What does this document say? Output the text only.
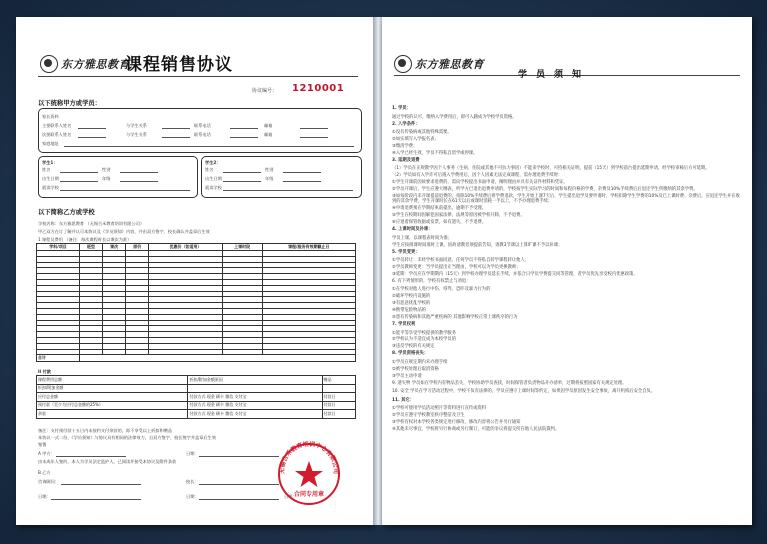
东方雅思教育
课程销售协议
协议编号： 1210001
以下统称甲方或学员：
以下简称乙方或学校
学校名称：东方雅思教育 （无锡合禾教育培训有限公司）
甲乙双方在订了解并认可本协议及《学员须知》内容，并由双方签字、校长确认并盖章后生效
1 课程及费用 （备注：每次课程时长以课次为准）
学科/项目	班型	课次	原价	优惠价（如适用）	上课时段	课程/服务有效期截止日

合计						
II 付款
课程费用总额	折扣/附加金额原因	赠品
折扣/附加金额		
应付总金额	付款方式 现金 刷卡 微信 支付宝	付款日
预付款（至少为应付总金额的25%）	付款方式 现金 刷卡 微信 支付宝	付款日
余款	付款方式 现金 刷卡 微信 支付宝	付款日
备注：支付预付款十五日内未按约支付余款的，即不享受以上折扣和赠品
本协议一式二份，《学员须知》与协议具有相同的法律效力，自双方签字、校长签字并盖章后生效
签署
A 甲方：	日期：
由未成年人签约，本人为学员法定监护人，已阅读并接受本协议及附件条款
B 乙方
咨询顾问：	校长：
日期：	日期：	日期：
无锡合禾教育培训中心有限公司
合同专用章
家长资料
主要联系人姓名	与学生关系	联系电话	邮箱
次要联系人姓名	与学生关系	联系电话	邮箱
家庭地址
学生1：
姓名	性别
出生日期	年级
就读学校
学生2：
姓名	性别
出生日期	年级
就读学校
东方雅思教育
学员须知
1. 学员：
通过学校的认可，缴纳入学费用后，即可入籍成为学校学员资格。
2. 入学条件：
①没有传染病或其他特殊需要。
②如实填写入学报名表；
③缴清学费；
④入学已经生效，学员不得私自留学或停课。
3. 延期及退费
（1）学员在正规教学因个人事务（生病、住院或其他不可抗力事因）不能来学校时，可持相关证明，提前（15天）到学校前台提出延期申请，经学校审核后方可延期。
（2）学员如有入学许可后遇入学费用后，因个人因素无法完成课程，需办理退费手续时：
①学生开课前因故要求退费的，需向学校提出书面申请，阐明理由并具有关证件材料和凭证。
②学员开课后，学生应遵大纲表，听学方已退出退费申请的，学校按学生实际学习的时间和每程价格的学费、杂费及10%手续费后后退还学生所缴纳的其余学费。
③如每阶段内未开课提前退费的，扣除10%手续费后将学费退款，学生开始上课7天后，学生提出退学及要申请时，学校扣除学生学费的10%及已上课时费、杂费后，应退还学生并在收到的其余学费，学生开课时长在61天以后或课时消耗一半以上，不予办理退费手续；
④申请退费须在学期结束前提出，逾期不予受理。
⑤学生在校期间因解犯国家法律，法规等原因被学校开除，不予退费。
⑥应退着保管收据或发票，如有遗失，不予退费。
4. 上课时间及补课：
学员上课，以课程表时间为准；
学生应按排课时间准时上课，因故请教者须提前告知，请教3节课以上算旷课不予以补课；
5. 学员变更：
①学员转让：未经学校书面同意，任何学员不得私自转学课程转让他人；
②学员教师变更：当学员提出正当理由，学校可以为学员更换教师；
③延期：学员应在学期期内（15天）到学校办理学员延长手续，并依合日学员学费提交同等管理，者学员优先享受校内优惠政策。
6. 有下列情形的，学校有权禁止与劝退：
①在学校对他人进行中伤、辱骂、恐吓及暴力行为的
②破坏学校内设施的
③有恶意扰乱学校的
④携带危险物品的
⑤患有传染病和其他严重疾病的 其他影响学校正常上课秩序的行为
7. 学员权利
①能平等享受学校提供的教学服务
②学校认为不适宜成为本校学员的
③违反学校的有关规定
8. 学员资格丧失：
①学员在规定期内未办理手续
②被学校处理后取消资格
③学员主动申请
9. 遗失物 学员如在学校内有物品丢失，学校协助学员查找，时间保管者负责物品开办清单，过期将按照国家有关规定处理。
10. 安全 学员在学习活动过程中，学校不负有法律的，学员应遵守上课时间等约定，如果因学员原因发生安全事故，离开机构后安全自负。
11. 其它：
①学校可使用学员活动照片等资料进行宣传或资料
②学员应遵守学校教室秩序整洁及卫生
③学校有权对本学校各类规定进行修改，修改内容将公告并另行通知
④其他未尽事宜，学校将另行协商或另行制订，可能的争议将提交所在地人民法院裁判。
